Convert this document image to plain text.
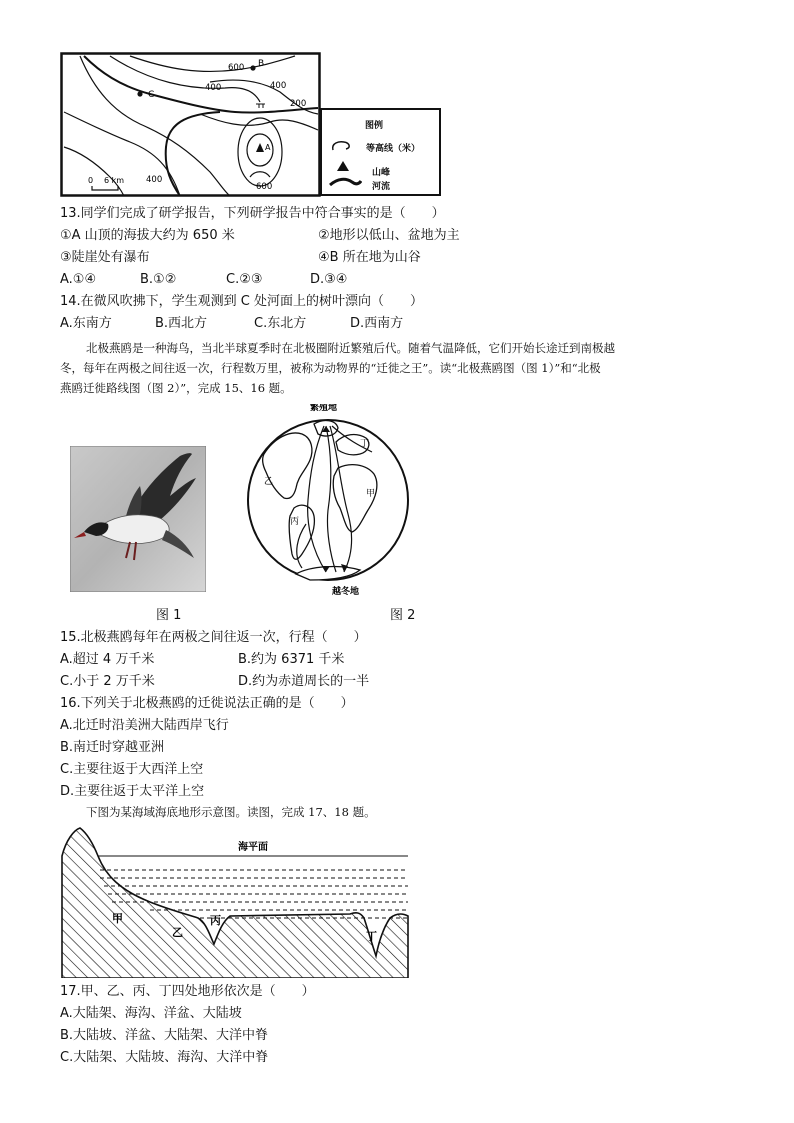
B
C
A
600
400
200
400
400
600
0 6 km
图例
等高线（米）
山峰
河流
13.同学们完成了研学报告，下列研学报告中符合事实的是（　　）
①A 山顶的海拔大约为 650 米	②地形以低山、盆地为主
③陡崖处有瀑布	④B 所在地为山谷
A.①④	B.①②	C.②③	D.③④
14.在微风吹拂下，学生观测到 C 处河面上的树叶漂向（　　）
A.东南方	B.西北方	C.东北方	D.西南方
北极燕鸥是一种海鸟，当北半球夏季时在北极圈附近繁殖后代。随着气温降低，它们开始长途迁到南极越
冬，每年在两极之间往返一次，行程数万里，被称为动物界的“迁徙之王”。读“北极燕鸥图（图 1）”和“北极
燕鸥迁徙路线图（图 2）”，完成 15、16 题。
繁殖地
越冬地
甲
乙
丙
丁
图 1	图 2
15.北极燕鸥每年在两极之间往返一次，行程（　　）
A.超过 4 万千米	B.约为 6371 千米
C.小于 2 万千米	D.约为赤道周长的一半
16.下列关于北极燕鸥的迁徙说法正确的是（　　）
A.北迁时沿美洲大陆西岸飞行
B.南迁时穿越亚洲
C.主要往返于大西洋上空
D.主要往返于太平洋上空
下图为某海域海底地形示意图。读图，完成 17、18 题。
海平面
甲
乙
丙
丁
17.甲、乙、丙、丁四处地形依次是（　　）
A.大陆架、海沟、洋盆、大陆坡
B.大陆坡、洋盆、大陆架、大洋中脊
C.大陆架、大陆坡、海沟、大洋中脊
